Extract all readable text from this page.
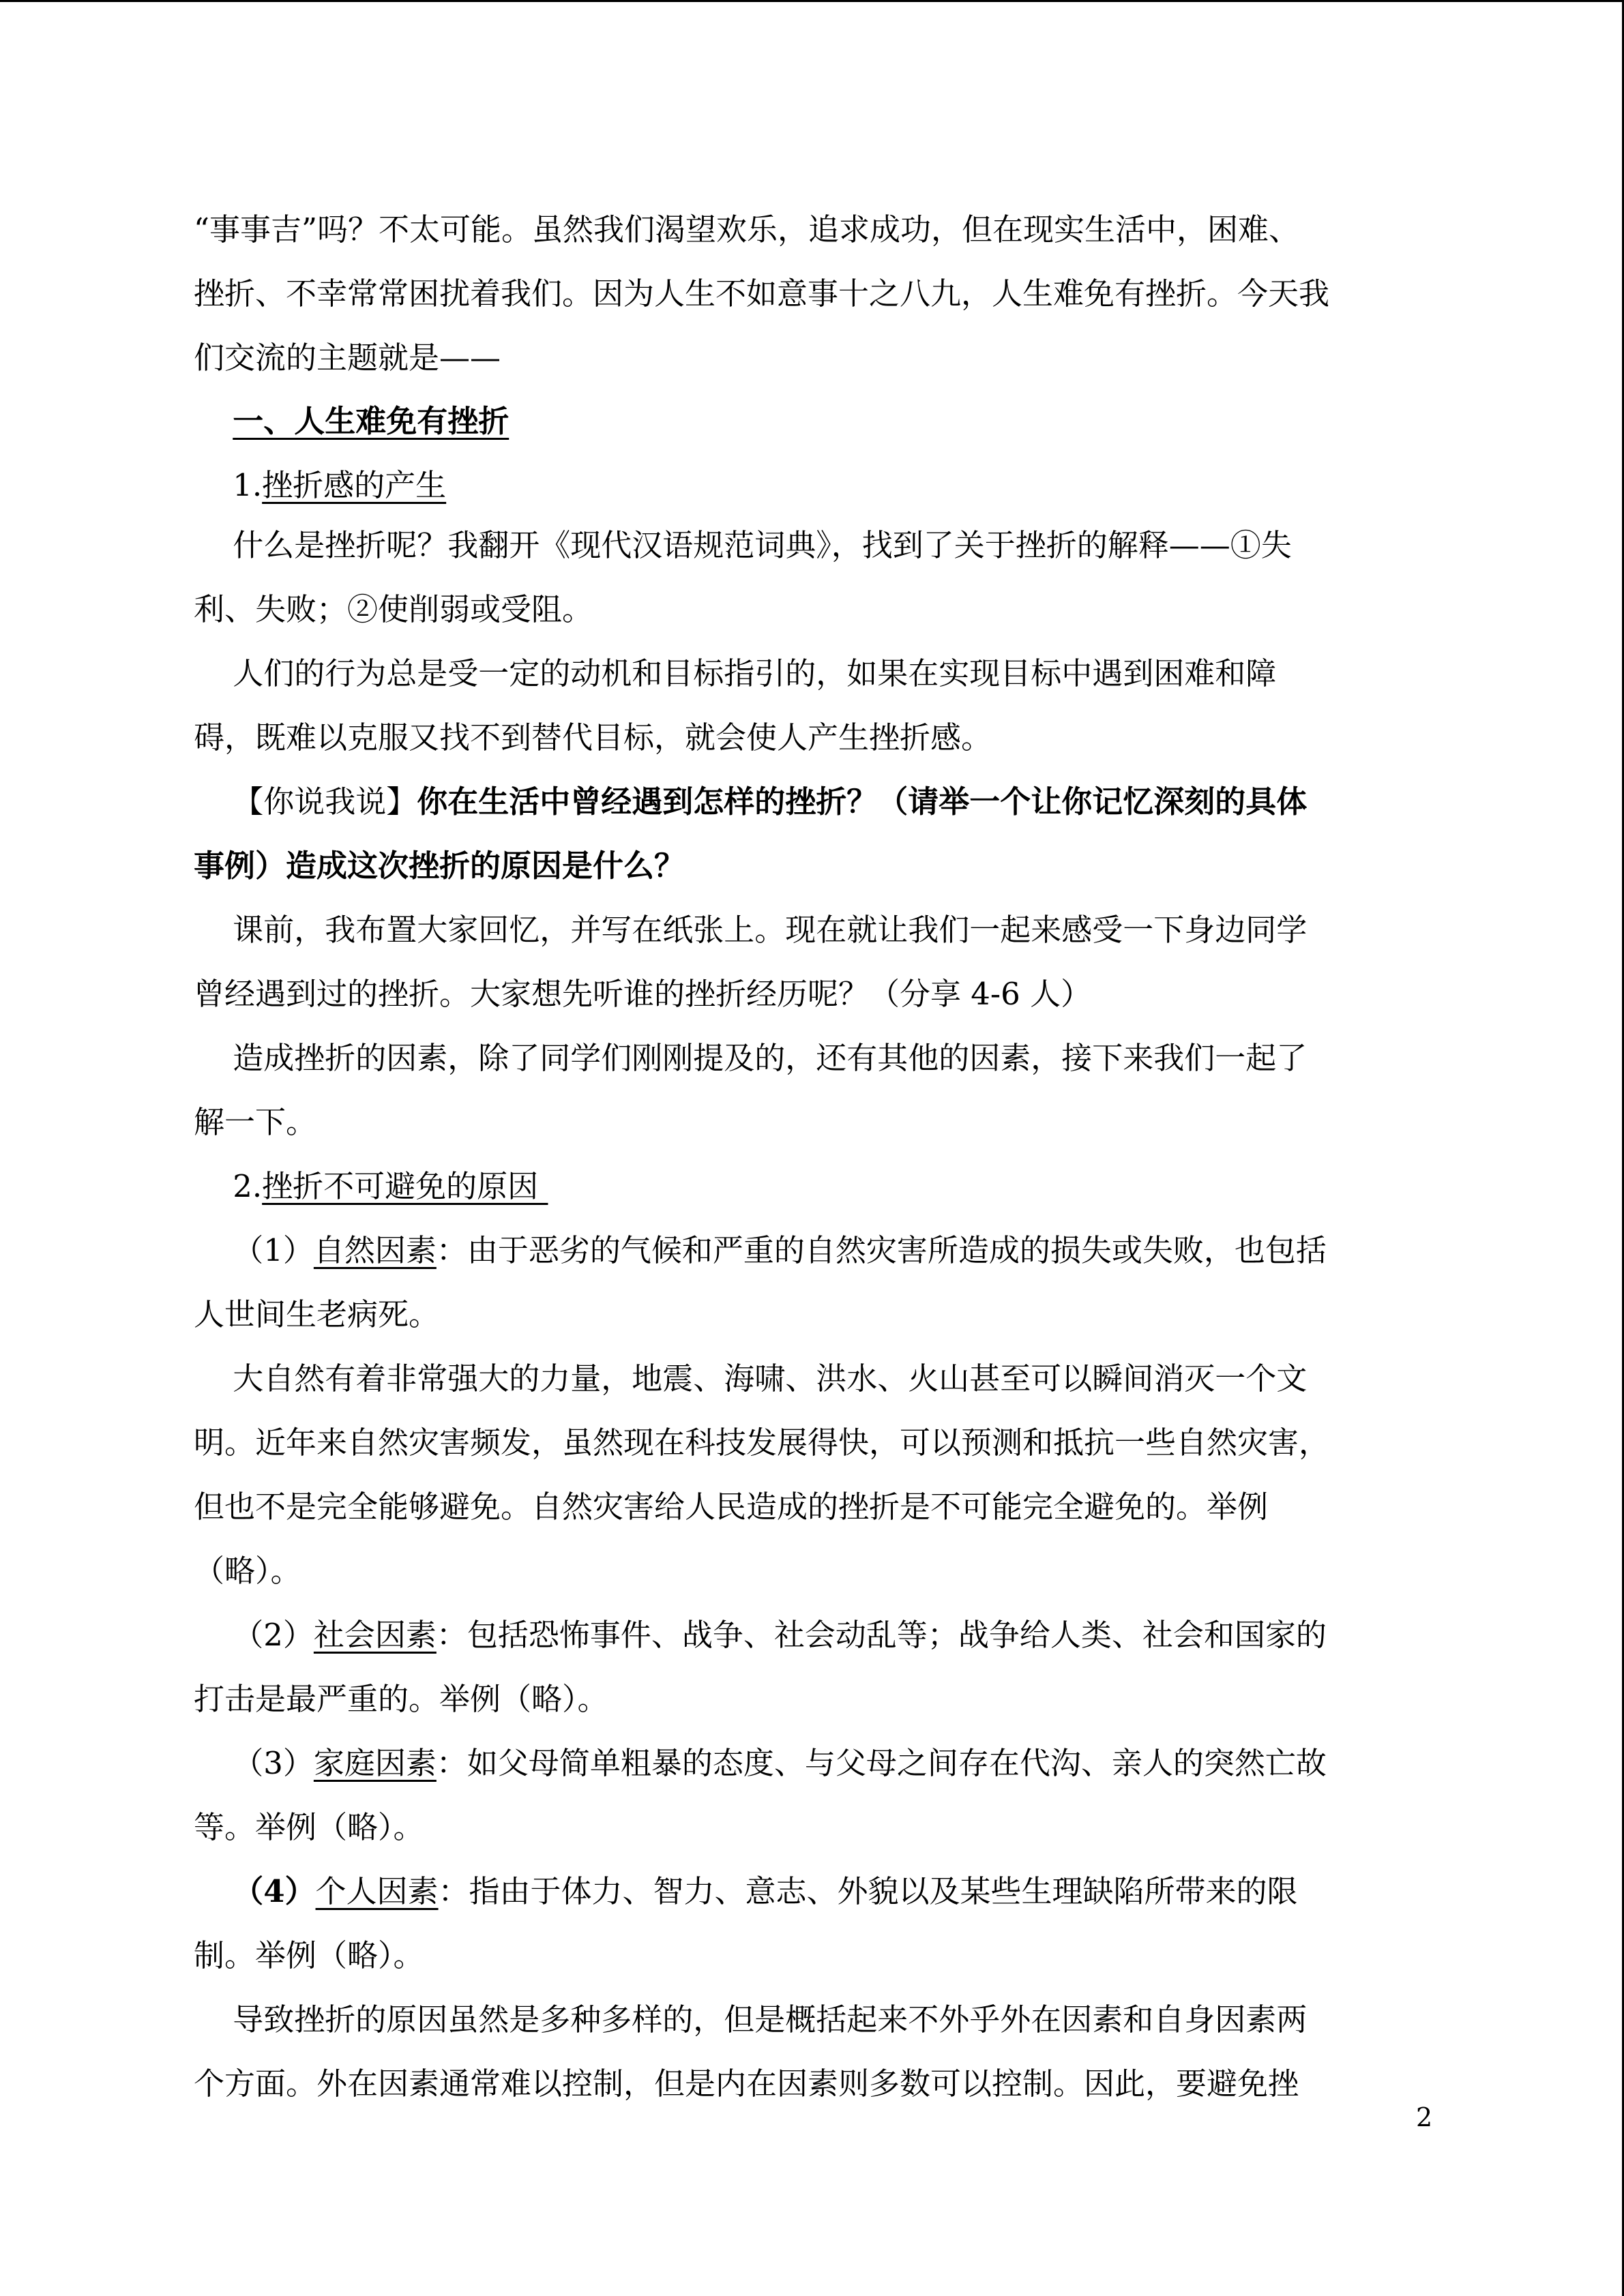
“事事吉”吗？不太可能。虽然我们渴望欢乐，追求成功，但在现实生活中，困难、
挫折、不幸常常困扰着我们。因为人生不如意事十之八九，人生难免有挫折。今天我
们交流的主题就是——
一、人生难免有挫折
1.挫折感的产生
什么是挫折呢？我翻开《现代汉语规范词典》，找到了关于挫折的解释——①失
利、失败；②使削弱或受阻。
人们的行为总是受一定的动机和目标指引的，如果在实现目标中遇到困难和障
碍，既难以克服又找不到替代目标，就会使人产生挫折感。
【你说我说】你在生活中曾经遇到怎样的挫折？（请举一个让你记忆深刻的具体
事例）造成这次挫折的原因是什么？
课前，我布置大家回忆，并写在纸张上。现在就让我们一起来感受一下身边同学
曾经遇到过的挫折。大家想先听谁的挫折经历呢？（分享 4-6 人）
造成挫折的因素，除了同学们刚刚提及的，还有其他的因素，接下来我们一起了
解一下。
2.挫折不可避免的原因
（1）自然因素：由于恶劣的气候和严重的自然灾害所造成的损失或失败，也包括
人世间生老病死。
大自然有着非常强大的力量，地震、海啸、洪水、火山甚至可以瞬间消灭一个文
明。近年来自然灾害频发，虽然现在科技发展得快，可以预测和抵抗一些自然灾害，
但也不是完全能够避免。自然灾害给人民造成的挫折是不可能完全避免的。举例
（略）。
（2）社会因素：包括恐怖事件、战争、社会动乱等；战争给人类、社会和国家的
打击是最严重的。举例（略）。
（3）家庭因素：如父母简单粗暴的态度、与父母之间存在代沟、亲人的突然亡故
等。举例（略）。
（4）个人因素：指由于体力、智力、意志、外貌以及某些生理缺陷所带来的限
制。举例（略）。
导致挫折的原因虽然是多种多样的，但是概括起来不外乎外在因素和自身因素两
个方面。外在因素通常难以控制，但是内在因素则多数可以控制。因此，要避免挫
2
